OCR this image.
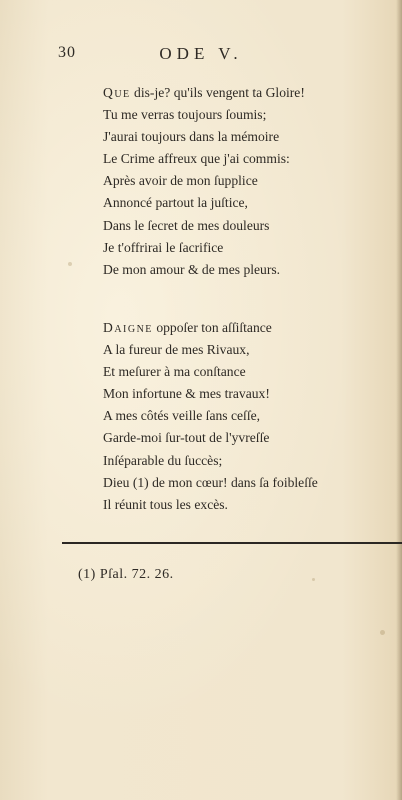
30	ODE V.
Que dis-je? qu'ils vengent ta Gloire!
Tu me verras toujours ſoumis;
J'aurai toujours dans la mémoire
Le Crime affreux que j'ai commis:
Après avoir de mon ſupplice
Annoncé partout la juſtice,
Dans le ſecret de mes douleurs
Je t'offrirai le ſacrifice
De mon amour & de mes pleurs.
Daigne oppoſer ton aſſiſtance
A la fureur de mes Rivaux,
Et meſurer à ma conſtance
Mon infortune & mes travaux!
A mes côtés veille ſans ceſſe,
Garde-moi ſur-tout de l'yvreſſe
Inſéparable du ſuccès;
Dieu (1) de mon cœur! dans ſa foibleſſe
Il réunit tous les excès.
(1) Pſal. 72. 26.
